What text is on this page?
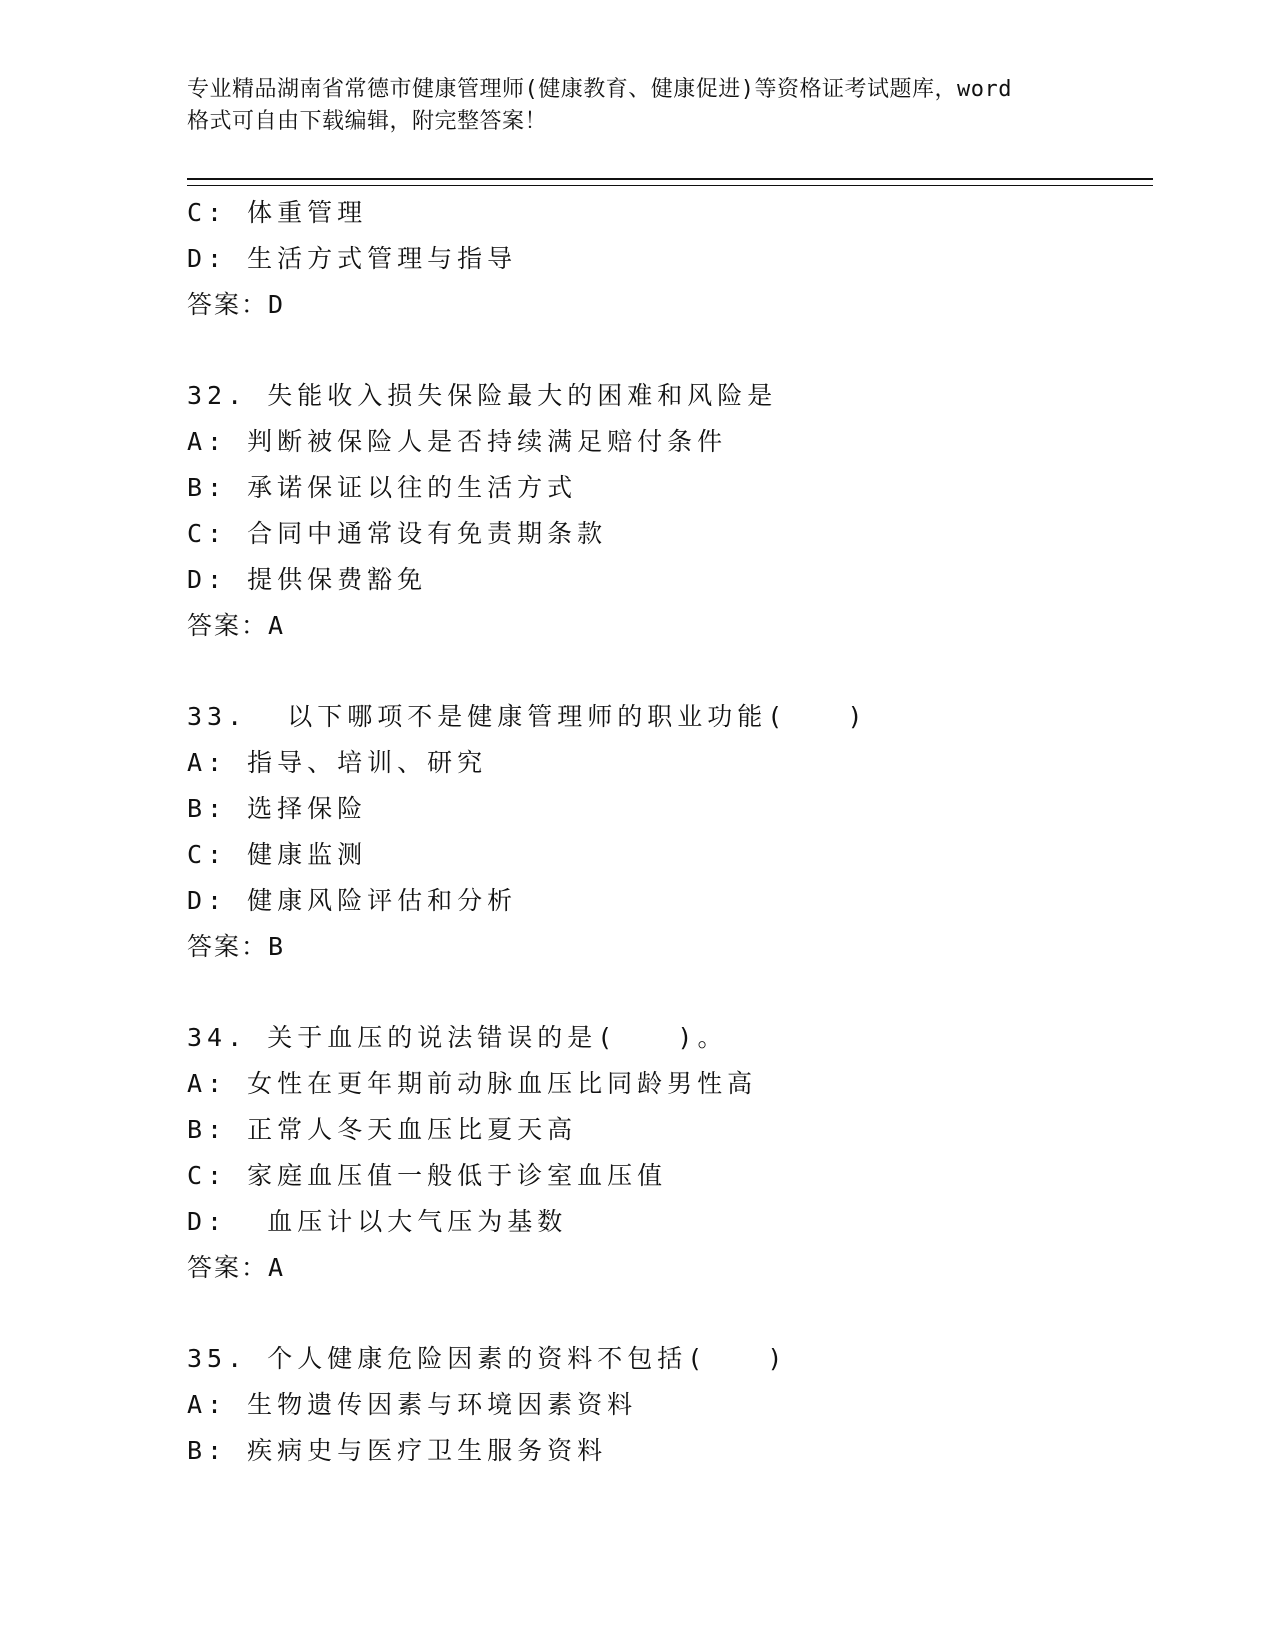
专业精品湖南省常德市健康管理师(健康教育、健康促进)等资格证考试题库，word
格式可自由下载编辑，附完整答案！
C: 体重管理
D: 生活方式管理与指导
答案：D
32. 失能收入损失保险最大的困难和风险是
A: 判断被保险人是否持续满足赔付条件
B: 承诺保证以往的生活方式
C: 合同中通常设有免责期条款
D: 提供保费豁免
答案：A
33.  以下哪项不是健康管理师的职业功能(   )
A: 指导、培训、研究
B: 选择保险
C: 健康监测
D: 健康风险评估和分析
答案：B
34. 关于血压的说法错误的是(   )。
A: 女性在更年期前动脉血压比同龄男性高
B: 正常人冬天血压比夏天高
C: 家庭血压值一般低于诊室血压值
D:  血压计以大气压为基数
答案：A
35. 个人健康危险因素的资料不包括(   )
A: 生物遗传因素与环境因素资料
B: 疾病史与医疗卫生服务资料
